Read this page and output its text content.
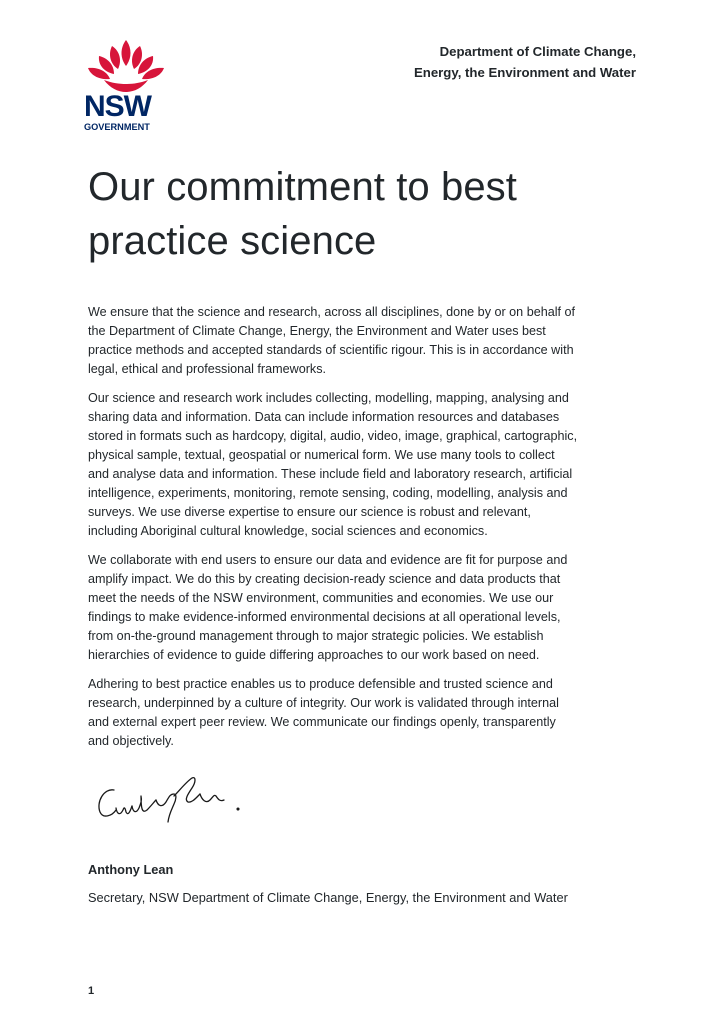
NSW
GOVERNMENT
Department of Climate Change,
Energy, the Environment and Water
Our commitment to best
practice science
We ensure that the science and research, across all disciplines, done by or on behalf of
the Department of Climate Change, Energy, the Environment and Water uses best
practice methods and accepted standards of scientific rigour. This is in accordance with
legal, ethical and professional frameworks.
Our science and research work includes collecting, modelling, mapping, analysing and
sharing data and information. Data can include information resources and databases
stored in formats such as hardcopy, digital, audio, video, image, graphical, cartographic,
physical sample, textual, geospatial or numerical form. We use many tools to collect
and analyse data and information. These include field and laboratory research, artificial
intelligence, experiments, monitoring, remote sensing, coding, modelling, analysis and
surveys. We use diverse expertise to ensure our science is robust and relevant,
including Aboriginal cultural knowledge, social sciences and economics.
We collaborate with end users to ensure our data and evidence are fit for purpose and
amplify impact. We do this by creating decision-ready science and data products that
meet the needs of the NSW environment, communities and economies. We use our
findings to make evidence-informed environmental decisions at all operational levels,
from on-the-ground management through to major strategic policies. We establish
hierarchies of evidence to guide differing approaches to our work based on need.
Adhering to best practice enables us to produce defensible and trusted science and
research, underpinned by a culture of integrity. Our work is validated through internal
and external expert peer review. We communicate our findings openly, transparently
and objectively.
Anthony Lean
Secretary, NSW Department of Climate Change, Energy, the Environment and Water
1
